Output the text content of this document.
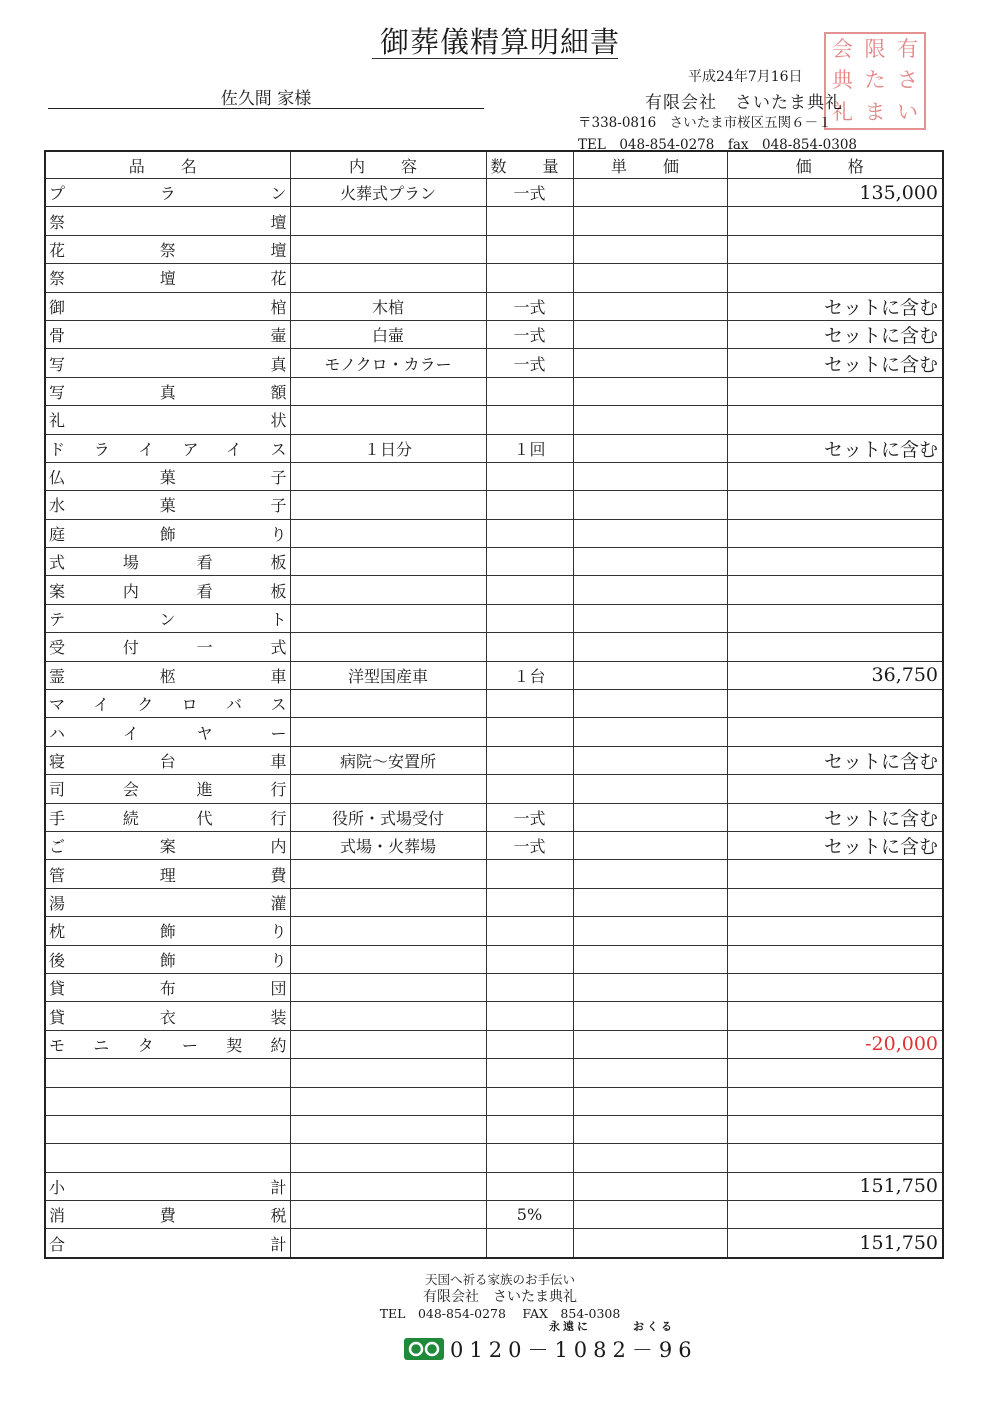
御葬儀精算明細書	会 限 有
典 た さ
礼 ま い
佐久間 家様
平成24年7月16日
有限会社　さいたま典礼
〒338-0816　さいたま市桜区五関６－１
TEL　048-854-0278　fax　048-854-0308
品　名	内　容	数　量	単　価	価　格
プラン	火葬式プラン	一式		135,000
祭壇				
花祭壇				
祭壇花				
御棺	木棺	一式		セットに含む
骨壷	白壷	一式		セットに含む
写真	モノクロ・カラー	一式		セットに含む
写真額				
礼状				
ドライアイス	１日分	１回		セットに含む
仏菓子				
水菓子				
庭飾り				
式場看板				
案内看板				
テント				
受付一式				
霊柩車	洋型国産車	１台		36,750
マイクロバス				
ハイヤー				
寝台車	病院～安置所			セットに含む
司会進行				
手続代行	役所・式場受付	一式		セットに含む
ご案内	式場・火葬場	一式		セットに含む
管理費				
湯灌				
枕飾り				
後飾り				
貸布団				
貸衣装				
モニター契約				-20,000

小計				151,750
消費税		5%		
合計				151,750
天国へ祈る家族のお手伝い
有限会社　さいたま典礼
TEL　048-854-0278　 FAX　854-0308
永遠に　　　おくる
0120－1082－96
